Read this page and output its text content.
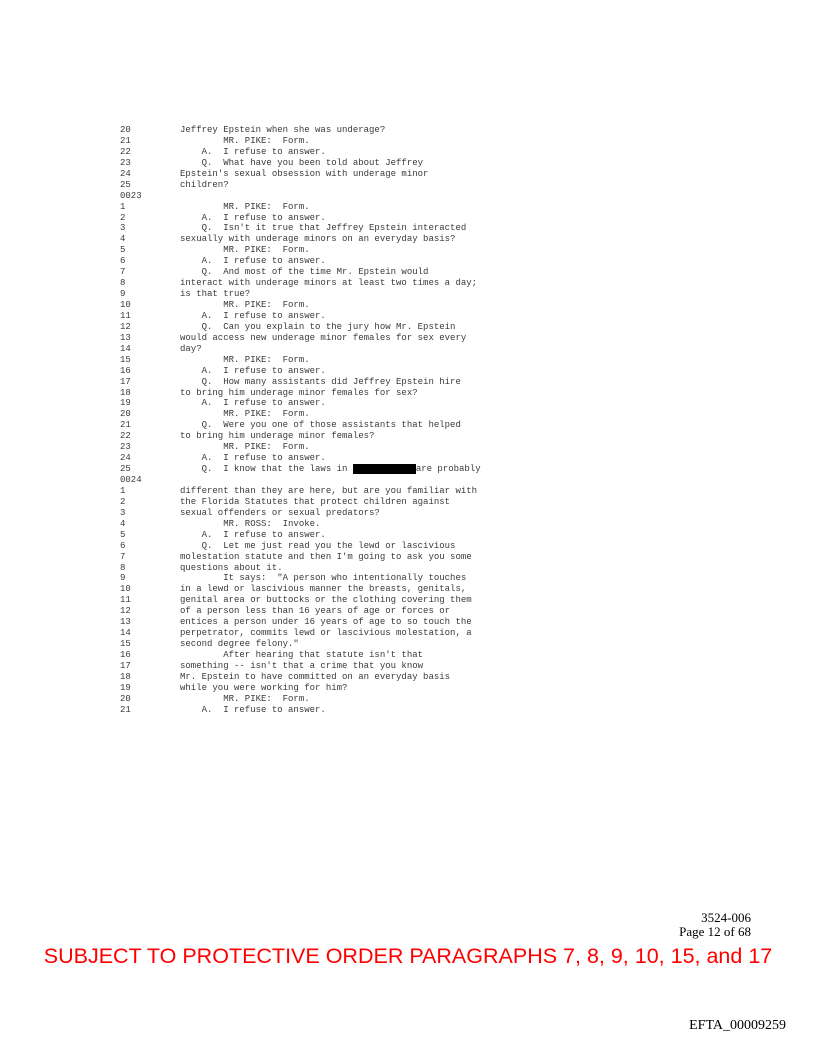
20	Jeffrey Epstein when she was underage?
21	MR. PIKE:  Form.
22	A.  I refuse to answer.
23	Q.  What have you been told about Jeffrey
24	Epstein's sexual obsession with underage minor
25	children?
0023
1	MR. PIKE:  Form.
2	A.  I refuse to answer.
3	Q.  Isn't it true that Jeffrey Epstein interacted
4	sexually with underage minors on an everyday basis?
5	MR. PIKE:  Form.
6	A.  I refuse to answer.
7	Q.  And most of the time Mr. Epstein would
8	interact with underage minors at least two times a day;
9	is that true?
10	MR. PIKE:  Form.
11	A.  I refuse to answer.
12	Q.  Can you explain to the jury how Mr. Epstein
13	would access new underage minor females for sex every
14	day?
15	MR. PIKE:  Form.
16	A.  I refuse to answer.
17	Q.  How many assistants did Jeffrey Epstein hire
18	to bring him underage minor females for sex?
19	A.  I refuse to answer.
20	MR. PIKE:  Form.
21	Q.  Were you one of those assistants that helped
22	to bring him underage minor females?
23	MR. PIKE:  Form.
24	A.  I refuse to answer.
25	Q.  I know that the laws in	are probably
0024
1	different than they are here, but are you familiar with
2	the Florida Statutes that protect children against
3	sexual offenders or sexual predators?
4	MR. ROSS:  Invoke.
5	A.  I refuse to answer.
6	Q.  Let me just read you the lewd or lascivious
7	molestation statute and then I'm going to ask you some
8	questions about it.
9	It says:  "A person who intentionally touches
10	in a lewd or lascivious manner the breasts, genitals,
11	genital area or buttocks or the clothing covering them
12	of a person less than 16 years of age or forces or
13	entices a person under 16 years of age to so touch the
14	perpetrator, commits lewd or lascivious molestation, a
15	second degree felony."
16	After hearing that statute isn't that
17	something -- isn't that a crime that you know
18	Mr. Epstein to have committed on an everyday basis
19	while you were working for him?
20	MR. PIKE:  Form.
21	A.  I refuse to answer.
3524-006
Page 12 of 68
SUBJECT TO PROTECTIVE ORDER PARAGRAPHS 7, 8, 9, 10, 15, and 17
EFTA_00009259
